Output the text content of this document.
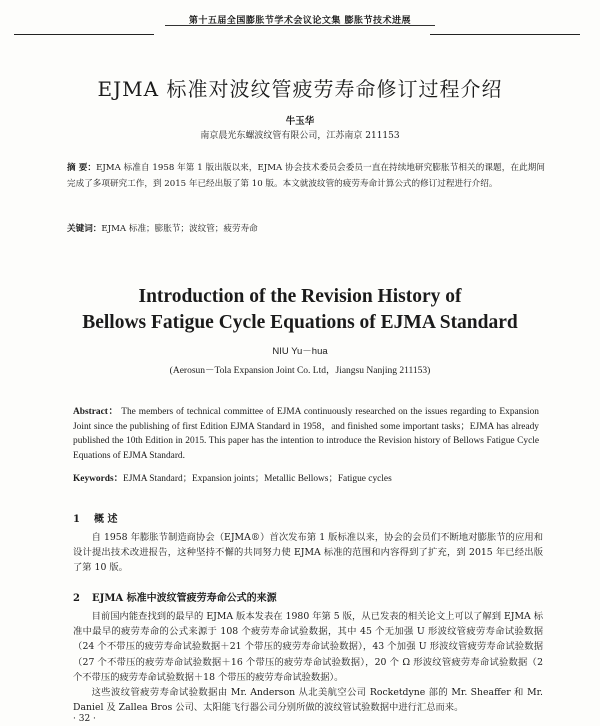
第十五届全国膨胀节学术会议论文集 膨胀节技术进展
EJMA 标准对波纹管疲劳寿命修订过程介绍
牛玉华
南京晨光东螺波纹管有限公司，江苏南京 211153
摘 要：EJMA 标准自 1958 年第 1 版出版以来，EJMA 协会技术委员会委员一直在持续地研究膨胀节相关的课题，在此期间完成了多项研究工作，到 2015 年已经出版了第 10 版。本文就波纹管的疲劳寿命计算公式的修订过程进行介绍。
关键词：EJMA 标准；膨胀节；波纹管；疲劳寿命
Introduction of the Revision History of
Bellows Fatigue Cycle Equations of EJMA Standard
NIU Yu－hua
(Aerosun－Tola Expansion Joint Co. Ltd，Jiangsu Nanjing 211153)
Abstract： The members of technical committee of EJMA continuously researched on the issues regarding to Expansion Joint since the publishing of first Edition EJMA Standard in 1958，and finished some important tasks；EJMA has already published the 10th Edition in 2015. This paper has the intention to introduce the Revision history of Bellows Fatigue Cycle Equations of EJMA Standard.
Keywords：EJMA Standard；Expansion joints；Metallic Bellows；Fatigue cycles
1 概 述
自 1958 年膨胀节制造商协会（EJMA®）首次发布第 1 版标准以来，协会的会员们不断地对膨胀节的应用和设计提出技术改进报告，这种坚持不懈的共同努力使 EJMA 标准的范围和内容得到了扩充，到 2015 年已经出版了第 10 版。
2 EJMA 标准中波纹管疲劳寿命公式的来源

目前国内能查找到的最早的 EJMA 版本发表在 1980 年第 5 版，从已发表的相关论文上可以了解到 EJMA 标准中最早的疲劳寿命的公式来源于 108 个疲劳寿命试验数据，其中 45 个无加强 U 形波纹管疲劳寿命试验数据（24 个不带压的疲劳寿命试验数据＋21 个带压的疲劳寿命试验数据），43 个加强 U 形波纹管疲劳寿命试验数据（27 个不带压的疲劳寿命试验数据＋16 个带压的疲劳寿命试验数据），20 个 Ω 形波纹管疲劳寿命试验数据（2 个不带压的疲劳寿命试验数据＋18 个带压的疲劳寿命试验数据）。

这些波纹管疲劳寿命试验数据由 Mr. Anderson 从北美航空公司 Rocketdyne 部的 Mr. Sheaffer 和 Mr. Daniel 及 Zallea Bros 公司、太阳能飞行器公司分别所做的波纹管试验数据中进行汇总而来。

· 32 ·
